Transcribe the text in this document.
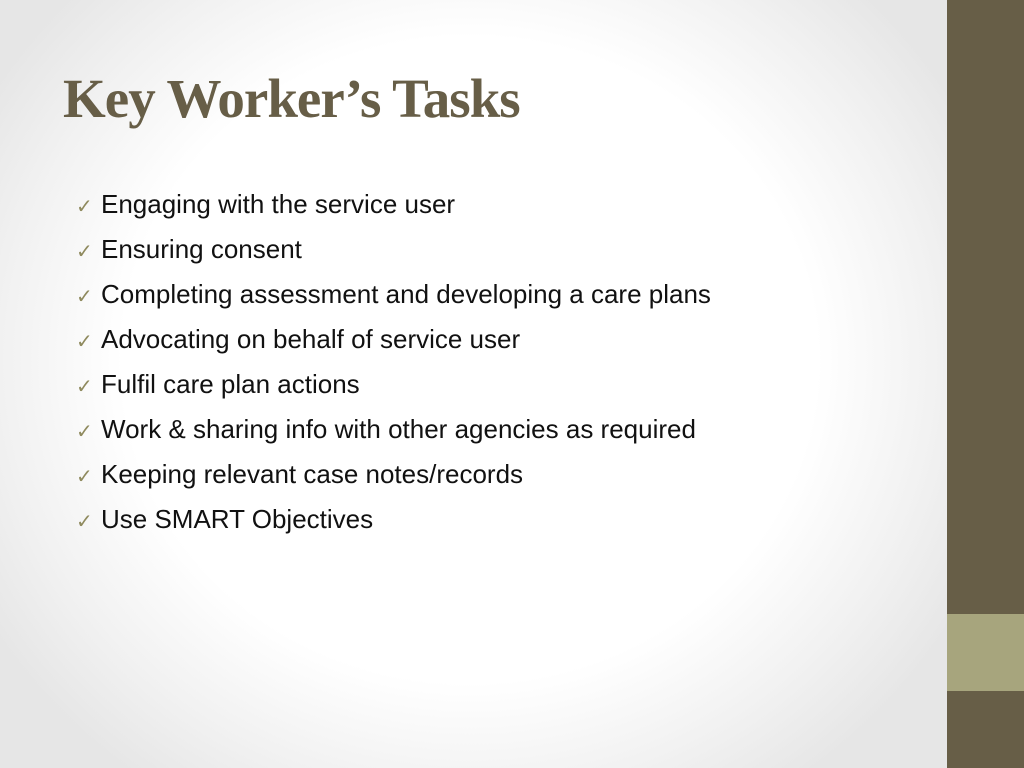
Key Worker’s Tasks
✓ Engaging with the service user
✓ Ensuring consent
✓ Completing assessment and developing a care plans
✓ Advocating on behalf of service user
✓ Fulfil care plan actions
✓ Work & sharing info with other agencies as required
✓ Keeping relevant case notes/records
✓ Use SMART Objectives
